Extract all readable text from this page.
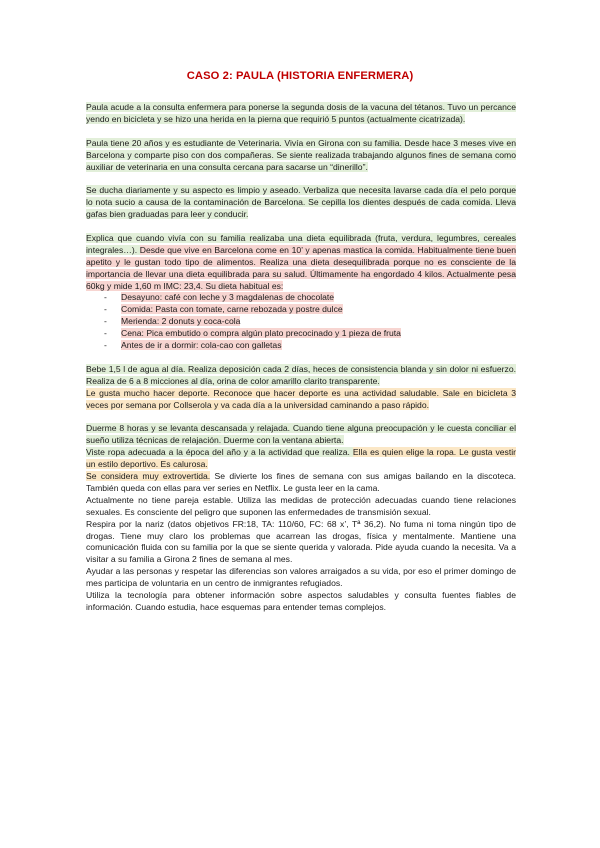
CASO 2: PAULA (HISTORIA ENFERMERA)

Paula acude a la consulta enfermera para ponerse la segunda dosis de la vacuna del tétanos. Tuvo un percance yendo en bicicleta y se hizo una herida en la pierna que requirió 5 puntos (actualmente cicatrizada).

Paula tiene 20 años y es estudiante de Veterinaria. Vivía en Girona con su familia. Desde hace 3 meses vive en Barcelona y comparte piso con dos compañeras. Se siente realizada trabajando algunos fines de semana como auxiliar de veterinaria en una consulta cercana para sacarse un “dinerillo”.

Se ducha diariamente y su aspecto es limpio y aseado. Verbaliza que necesita lavarse cada día el pelo porque lo nota sucio a causa de la contaminación de Barcelona. Se cepilla los dientes después de cada comida. Lleva gafas bien graduadas para leer y conducir.

Explica que cuando vivía con su familia realizaba una dieta equilibrada (fruta, verdura, legumbres, cereales integrales…). Desde que vive en Barcelona come en 10’ y apenas mastica la comida. Habitualmente tiene buen apetito y le gustan todo tipo de alimentos. Realiza una dieta desequilibrada porque no es consciente de la importancia de llevar una dieta equilibrada para su salud. Últimamente ha engordado 4 kilos. Actualmente pesa 60kg y mide 1,60 m IMC: 23,4. Su dieta habitual es:

- Desayuno: café con leche y 3 magdalenas de chocolate
- Comida: Pasta con tomate, carne rebozada y postre dulce
- Merienda: 2 donuts y coca-cola
- Cena: Pica embutido o compra algún plato precocinado y 1 pieza de fruta
- Antes de ir a dormir: cola-cao con galletas

Bebe 1,5 l de agua al día. Realiza deposición cada 2 días, heces de consistencia blanda y sin dolor ni esfuerzo. Realiza de 6 a 8 micciones al día, orina de color amarillo clarito transparente.

Le gusta mucho hacer deporte. Reconoce que hacer deporte es una actividad saludable. Sale en bicicleta 3 veces por semana por Collserola y va cada día a la universidad caminando a paso rápido.

Duerme 8 horas y se levanta descansada y relajada. Cuando tiene alguna preocupación y le cuesta conciliar el sueño utiliza técnicas de relajación. Duerme con la ventana abierta.

Viste ropa adecuada a la época del año y a la actividad que realiza. Ella es quien elige la ropa. Le gusta vestir un estilo deportivo. Es calurosa.

Se considera muy extrovertida. Se divierte los fines de semana con sus amigas bailando en la discoteca. También queda con ellas para ver series en Netflix. Le gusta leer en la cama.

Actualmente no tiene pareja estable. Utiliza las medidas de protección adecuadas cuando tiene relaciones sexuales. Es consciente del peligro que suponen las enfermedades de transmisión sexual.

Respira por la nariz (datos objetivos FR:18, TA: 110/60, FC: 68 x’, Tª 36,2). No fuma ni toma ningún tipo de drogas. Tiene muy claro los problemas que acarrean las drogas, física y mentalmente. Mantiene una comunicación fluida con su familia por la que se siente querida y valorada. Pide ayuda cuando la necesita. Va a visitar a su familia a Girona 2 fines de semana al mes.

Ayudar a las personas y respetar las diferencias son valores arraigados a su vida, por eso el primer domingo de mes participa de voluntaria en un centro de inmigrantes refugiados.

Utiliza la tecnología para obtener información sobre aspectos saludables y consulta fuentes fiables de información. Cuando estudia, hace esquemas para entender temas complejos.
